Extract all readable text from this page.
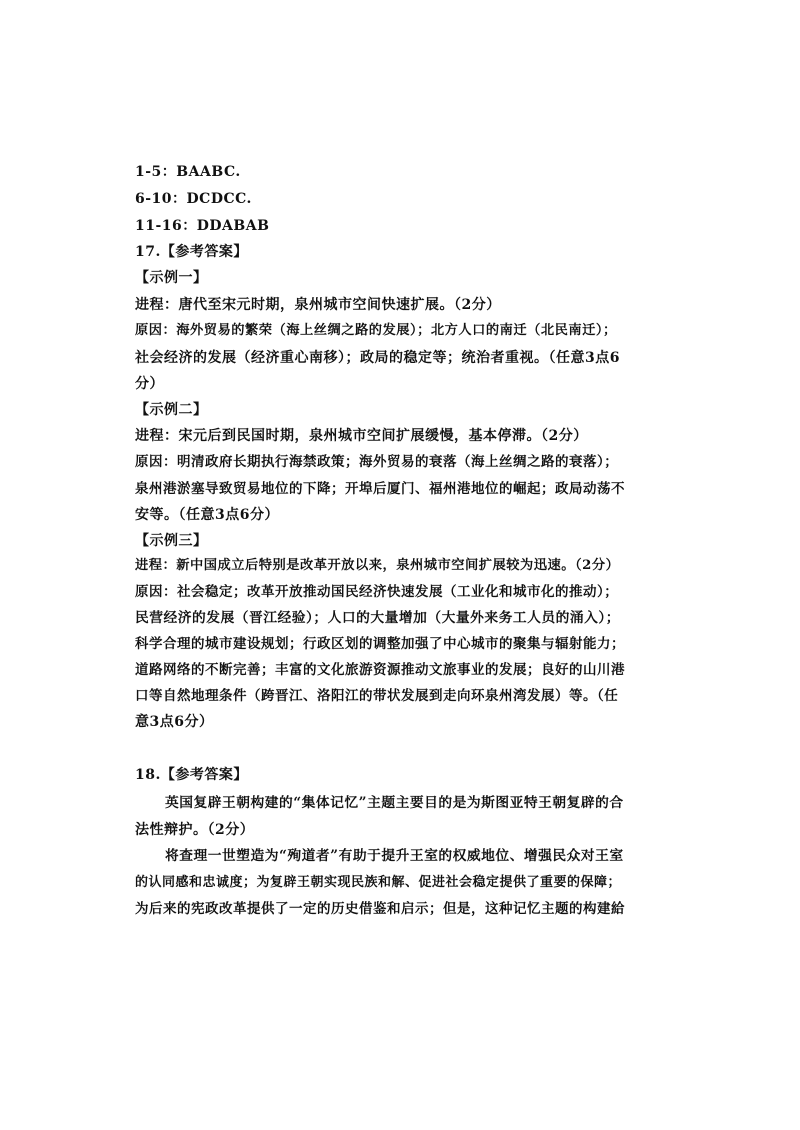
1-5：BAABC.
6-10：DCDCC.
11-16：DDABAB
17.【参考答案】
【示例一】
进程：唐代至宋元时期，泉州城市空间快速扩展。（2分）
原因：海外贸易的繁荣（海上丝绸之路的发展）；北方人口的南迁（北民南迁）；
社会经济的发展（经济重心南移）；政局的稳定等；统治者重视。（任意3点6
分）
【示例二】
进程：宋元后到民国时期，泉州城市空间扩展缓慢，基本停滞。（2分）
原因：明清政府长期执行海禁政策；海外贸易的衰落（海上丝绸之路的衰落）；
泉州港淤塞导致贸易地位的下降；开埠后厦门、福州港地位的崛起；政局动荡不
安等。（任意3点6分）
【示例三】
进程：新中国成立后特别是改革开放以来，泉州城市空间扩展较为迅速。（2分）
原因：社会稳定；改革开放推动国民经济快速发展（工业化和城市化的推动）；
民营经济的发展（晋江经验）；人口的大量增加（大量外来务工人员的涌入）；
科学合理的城市建设规划；行政区划的调整加强了中心城市的聚集与辐射能力；
道路网络的不断完善；丰富的文化旅游资源推动文旅事业的发展；良好的山川港
口等自然地理条件（跨晋江、洛阳江的带状发展到走向环泉州湾发展）等。（任
意3点6分）
18.【参考答案】
英国复辟王朝构建的“集体记忆”主题主要目的是为斯图亚特王朝复辟的合
法性辩护。（2分）
将查理一世塑造为“殉道者”有助于提升王室的权威地位、增强民众对王室
的认同感和忠诚度；为复辟王朝实现民族和解、促进社会稳定提供了重要的保障；
为后来的宪政改革提供了一定的历史借鉴和启示；但是，这种记忆主题的构建給
